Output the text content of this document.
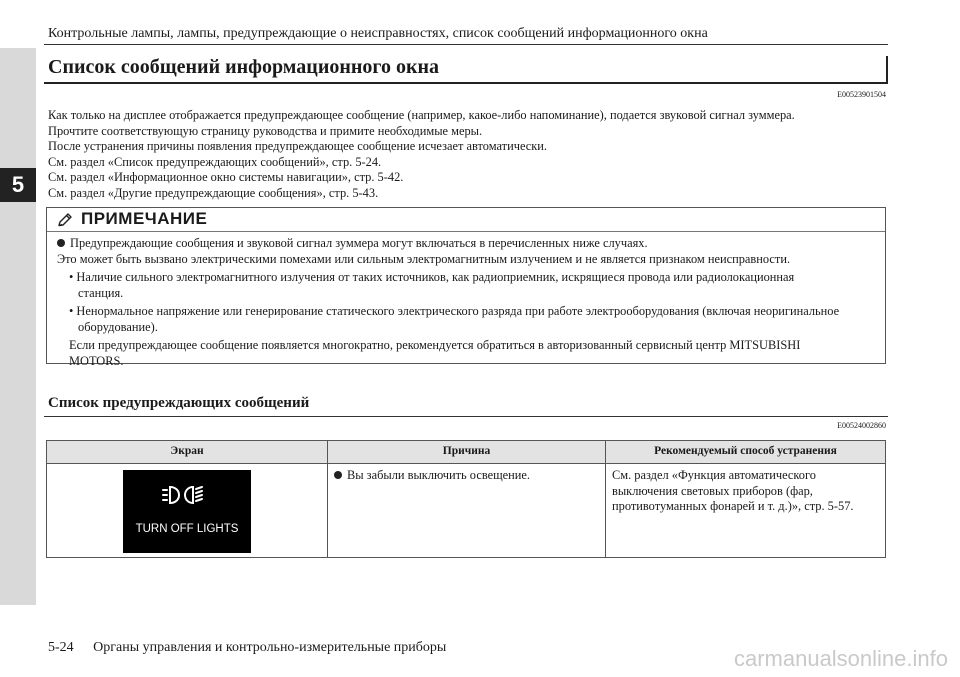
5
Контрольные лампы, лампы, предупреждающие о неисправностях, список сообщений информационного окна
Список сообщений информационного окна
E00523901504
Как только на дисплее отображается предупреждающее сообщение (например, какое-либо напоминание), подается звуковой сигнал зуммера.
Прочтите соответствующую страницу руководства и примите необходимые меры.
После устранения причины появления предупреждающее сообщение исчезает автоматически.
См. раздел «Список предупреждающих сообщений», стр. 5-24.
См. раздел «Информационное окно системы навигации», стр. 5-42.
См. раздел «Другие предупреждающие сообщения», стр. 5-43.
ПРИМЕЧАНИЕ
Предупреждающие сообщения и звуковой сигнал зуммера могут включаться в перечисленных ниже случаях.
Это может быть вызвано электрическими помехами или сильным электромагнитным излучением и не является признаком неисправности.
• Наличие сильного электромагнитного излучения от таких источников, как радиоприемник, искрящиеся провода или радиолокационная
станция.
• Ненормальное напряжение или генерирование статического электрического разряда при работе электрооборудования (включая неоригинальное
оборудование).
Если предупреждающее сообщение появляется многократно, рекомендуется обратиться в авторизованный сервисный центр MITSUBISHI
MOTORS.
Список предупреждающих сообщений
E00524002860
Экран	Причина	Рекомендуемый способ устранения

TURN OFF LIGHTS	Вы забыли выключить освещение.	См. раздел «Функция автоматического
выключения световых приборов (фар,
противотуманных фонарей и т. д.)», стр. 5-57.
5-24 Органы управления и контрольно-измерительные приборы	carmanualsonline.info
